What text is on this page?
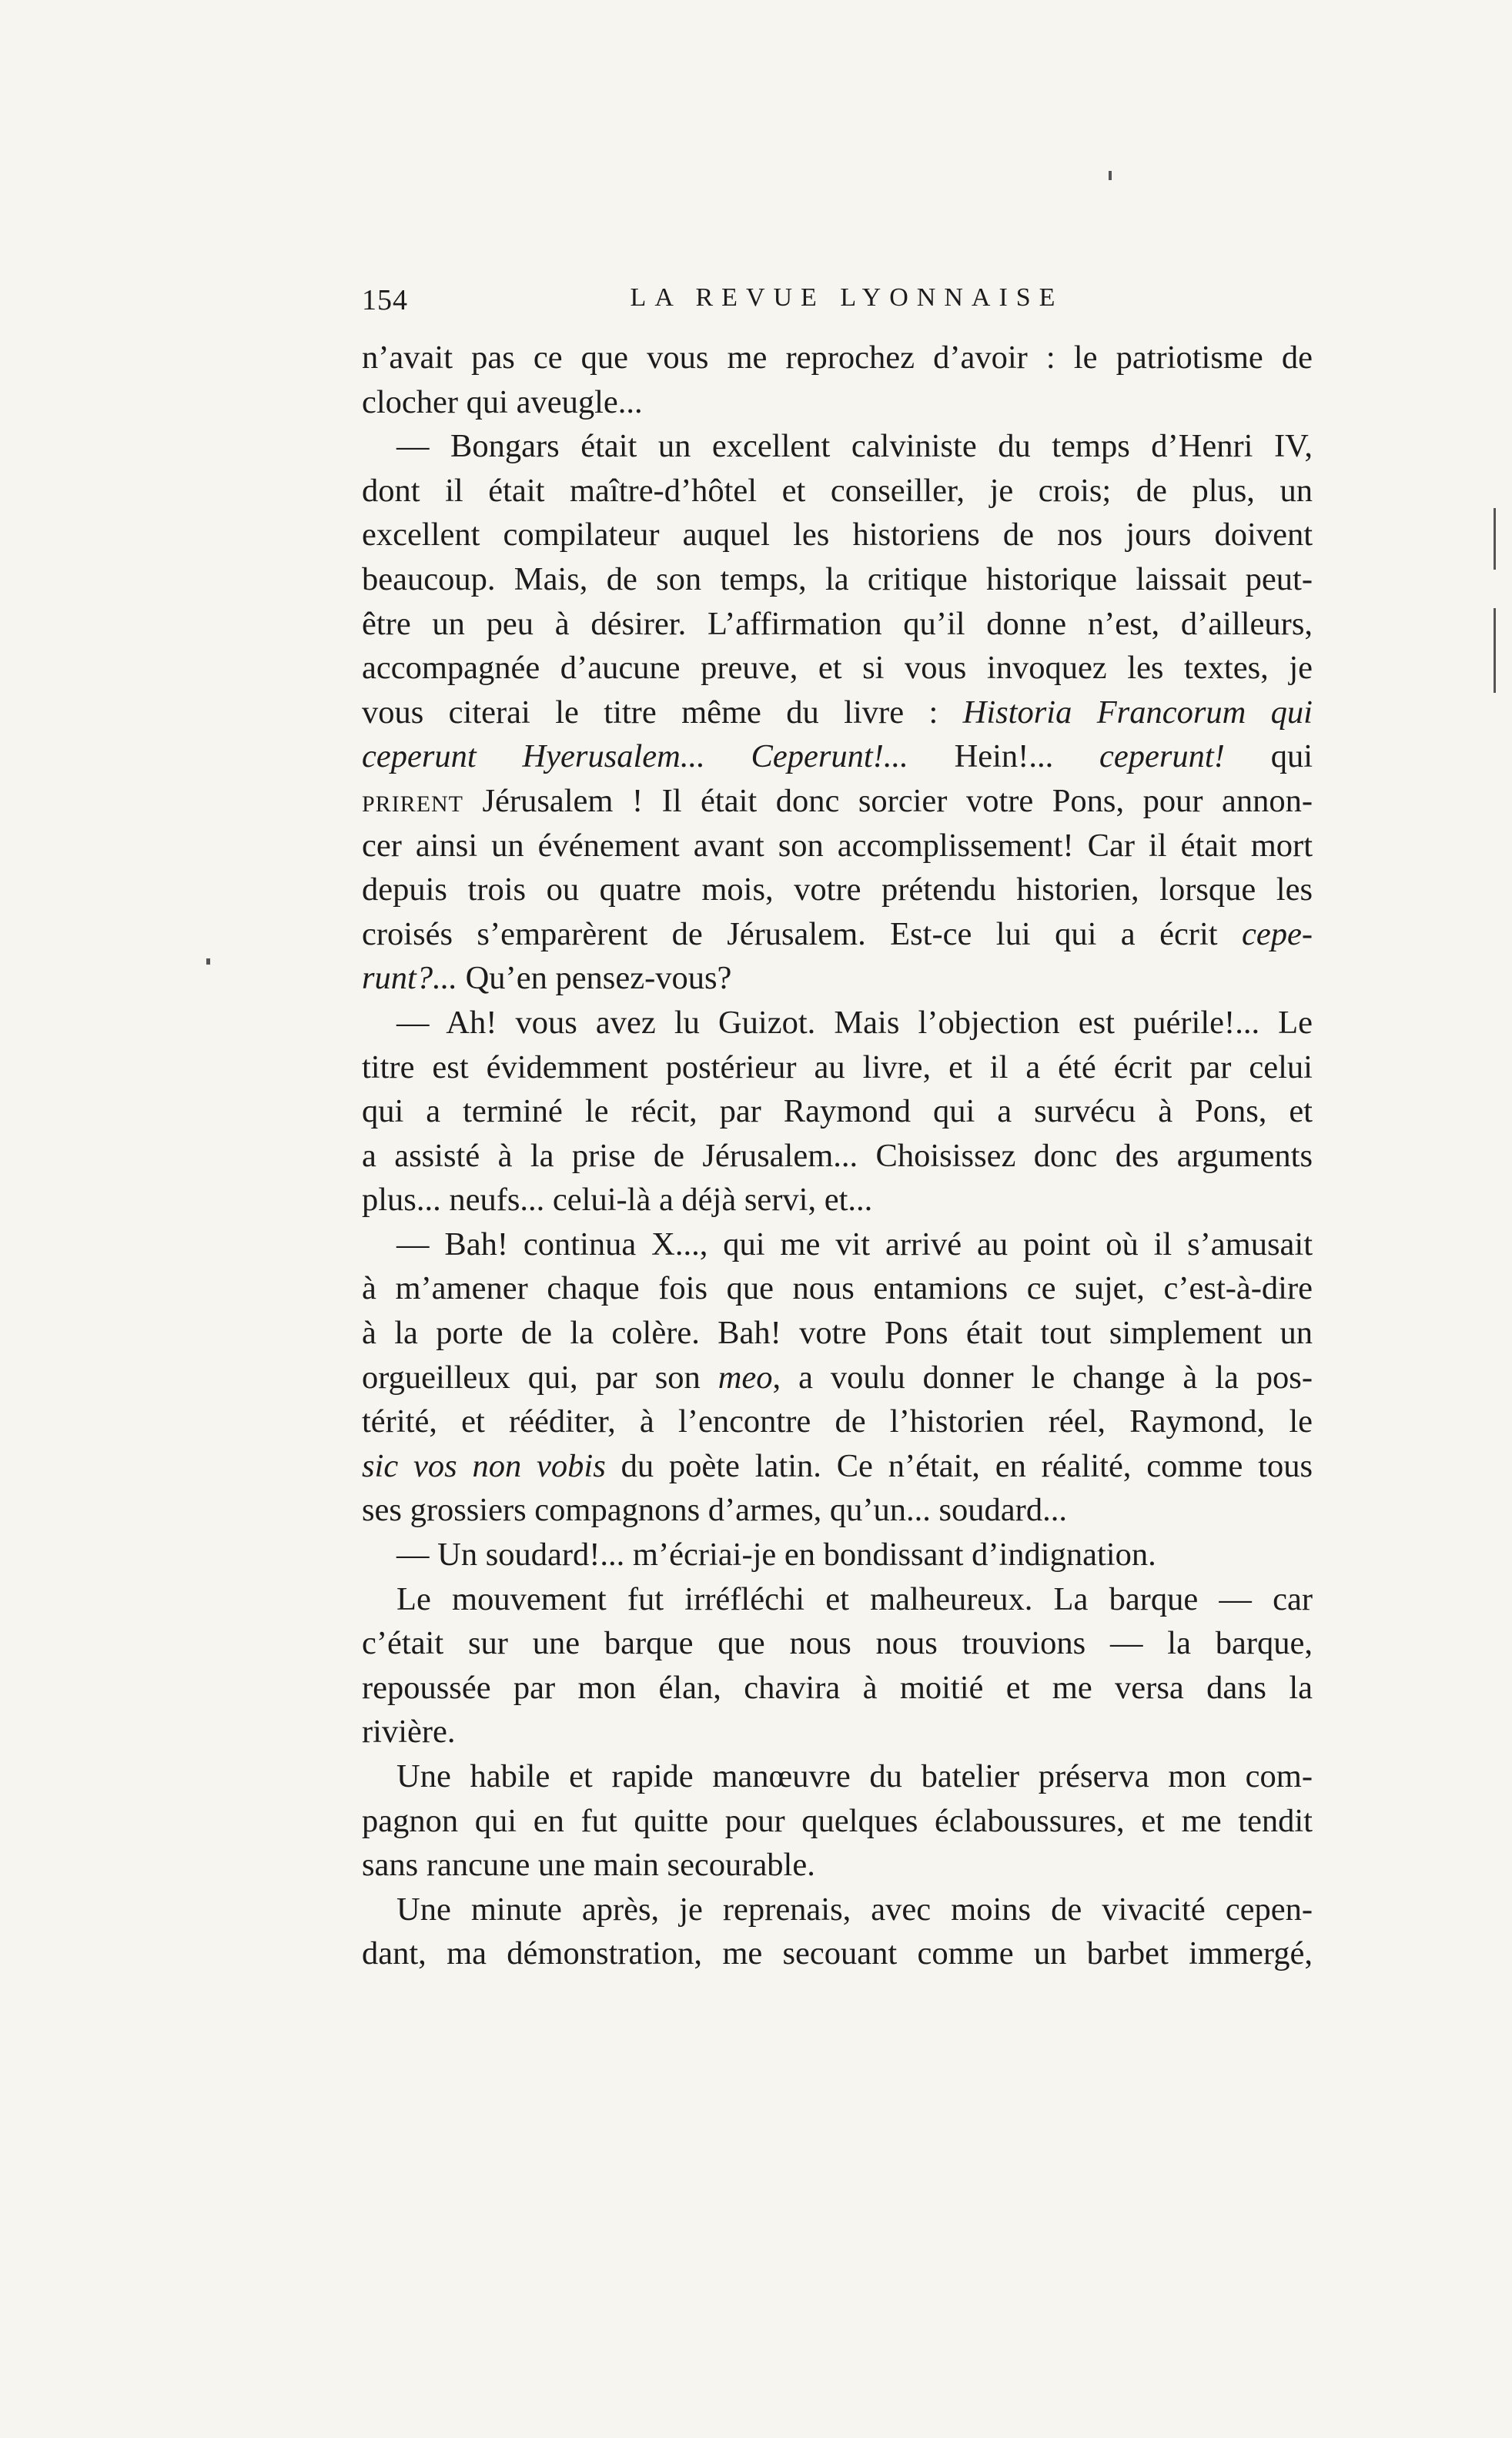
154	LA REVUE LYONNAISE
n’avait pas ce que vous me reprochez d’avoir : le patriotisme de
clocher qui aveugle...
— Bongars était un excellent calviniste du temps d’Henri IV,
dont il était maître-d’hôtel et conseiller, je crois; de plus, un
excellent compilateur auquel les historiens de nos jours doivent
beaucoup. Mais, de son temps, la critique historique laissait peut-
être un peu à désirer. L’affirmation qu’il donne n’est, d’ailleurs,
accompagnée d’aucune preuve, et si vous invoquez les textes, je
vous citerai le titre même du livre : Historia Francorum qui
ceperunt Hyerusalem... Ceperunt!... Hein!... ceperunt! qui
PRIRENT Jérusalem ! Il était donc sorcier votre Pons, pour annon-
cer ainsi un événement avant son accomplissement! Car il était mort
depuis trois ou quatre mois, votre prétendu historien, lorsque les
croisés s’emparèrent de Jérusalem. Est-ce lui qui a écrit cepe-
runt?... Qu’en pensez-vous?
— Ah! vous avez lu Guizot. Mais l’objection est puérile!... Le
titre est évidemment postérieur au livre, et il a été écrit par celui
qui a terminé le récit, par Raymond qui a survécu à Pons, et
a assisté à la prise de Jérusalem... Choisissez donc des arguments
plus... neufs... celui-là a déjà servi, et...
— Bah! continua X..., qui me vit arrivé au point où il s’amusait
à m’amener chaque fois que nous entamions ce sujet, c’est-à-dire
à la porte de la colère. Bah! votre Pons était tout simplement un
orgueilleux qui, par son meo, a voulu donner le change à la pos-
térité, et rééditer, à l’encontre de l’historien réel, Raymond, le
sic vos non vobis du poète latin. Ce n’était, en réalité, comme tous
ses grossiers compagnons d’armes, qu’un... soudard...
— Un soudard!... m’écriai-je en bondissant d’indignation.
Le mouvement fut irréfléchi et malheureux. La barque — car
c’était sur une barque que nous nous trouvions — la barque,
repoussée par mon élan, chavira à moitié et me versa dans la
rivière.
Une habile et rapide manœuvre du batelier préserva mon com-
pagnon qui en fut quitte pour quelques éclaboussures, et me tendit
sans rancune une main secourable.
Une minute après, je reprenais, avec moins de vivacité cepen-
dant, ma démonstration, me secouant comme un barbet immergé,
